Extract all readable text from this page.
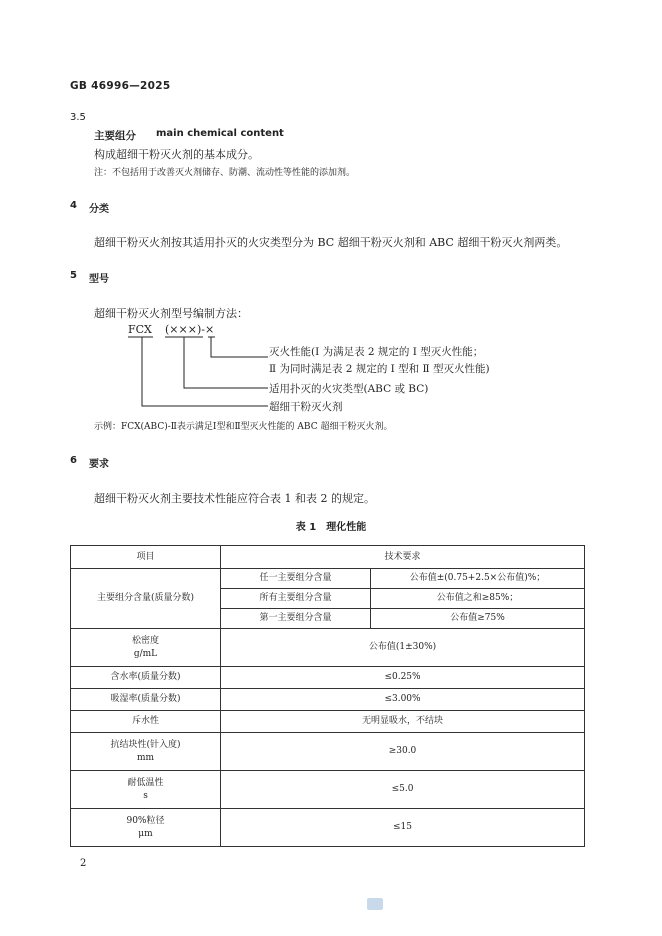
GB 46996—2025
3.5
主要组分 main chemical content
构成超细干粉灭火剂的基本成分。
注：不包括用于改善灭火剂储存、防潮、流动性等性能的添加剂。
4 分类
超细干粉灭火剂按其适用扑灭的火灾类型分为 BC 超细干粉灭火剂和 ABC 超细干粉灭火剂两类。
5 型号
超细干粉灭火剂型号编制方法：
FCX (×××)-×
灭火性能(Ⅰ 为满足表 2 规定的 Ⅰ 型灭火性能；
Ⅱ 为同时满足表 2 规定的 Ⅰ 型和 Ⅱ 型灭火性能)
适用扑灭的火灾类型(ABC 或 BC)
超细干粉灭火剂
示例：FCX(ABC)-Ⅱ表示满足Ⅰ型和Ⅱ型灭火性能的 ABC 超细干粉灭火剂。
6 要求
超细干粉灭火剂主要技术性能应符合表 1 和表 2 的规定。
表 1　理化性能
项目	技术要求	
主要组分含量(质量分数)	任一主要组分含量	公布值±(0.75+2.5×公布值)%；
	所有主要组分含量	公布值之和≥85%；
	第一主要组分含量	公布值≥75%

松密度
g/mL	公布值(1±30%)	
含水率(质量分数)	≤0.25%	
吸湿率(质量分数)	≤3.00%	
斥水性	无明显吸水，不结块	

抗结块性(针入度)
mm	≥30.0	

耐低温性
s	≤5.0	

90%粒径
μm	≤15	
2
